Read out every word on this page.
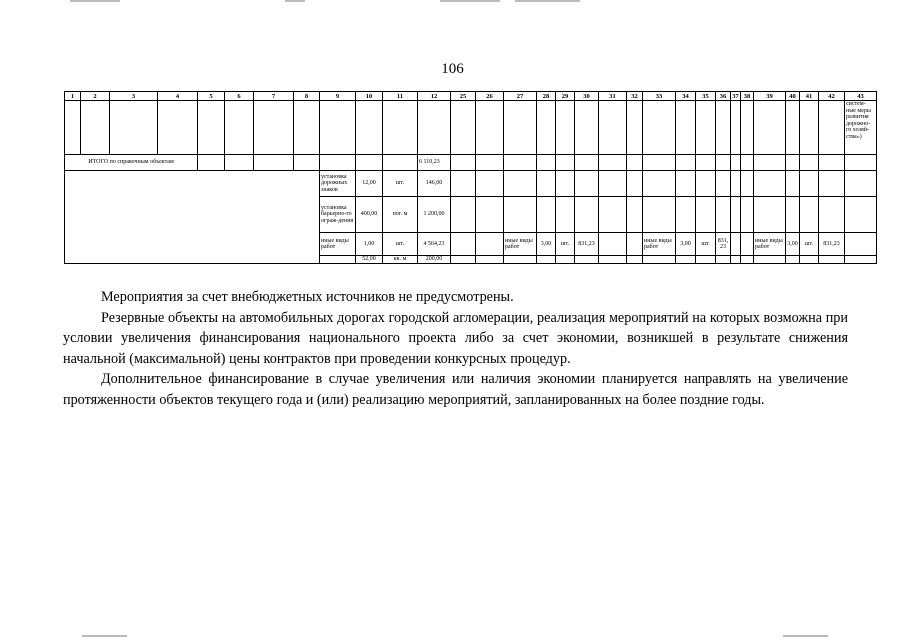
106
1	2	3	4	5	6	7	8	9	10	11	12	25	26	27	28	29	30	31	32	33	34	35	36	37	38	39	40	41	42	43
																														систем-ные меры развития дорожно-го хозяй-ства»)
ИТОГО по справочным объектам											6 110,23																			
								установка дорожных знаков	12,00	шт.	146,00																			
								установка барьерно-го ограж-дения	400,00	пог. м	1 200,00																			
								иные виды работ	1,00	шт.	4 564,23			иные виды работ	3,00	шт.	831,23			иные виды работ	3,00	шт.	831, 23			иные виды работ	3,00	шт.	831,23	
									52,00	кв. м	200,00																			

Мероприятия за счет внебюджетных источников не предусмотрены.

Резервные объекты на автомобильных дорогах городской агломерации, реализация мероприятий на которых возможна при условии увеличения финансирования национального проекта либо за счет экономии, возникшей в результате снижения начальной (максимальной) цены контрактов при проведении конкурсных процедур.

Дополнительное финансирование в случае увеличения или наличия экономии планируется направлять на увеличение протяженности объектов текущего года и (или) реализацию мероприятий, запланированных на более поздние годы.
